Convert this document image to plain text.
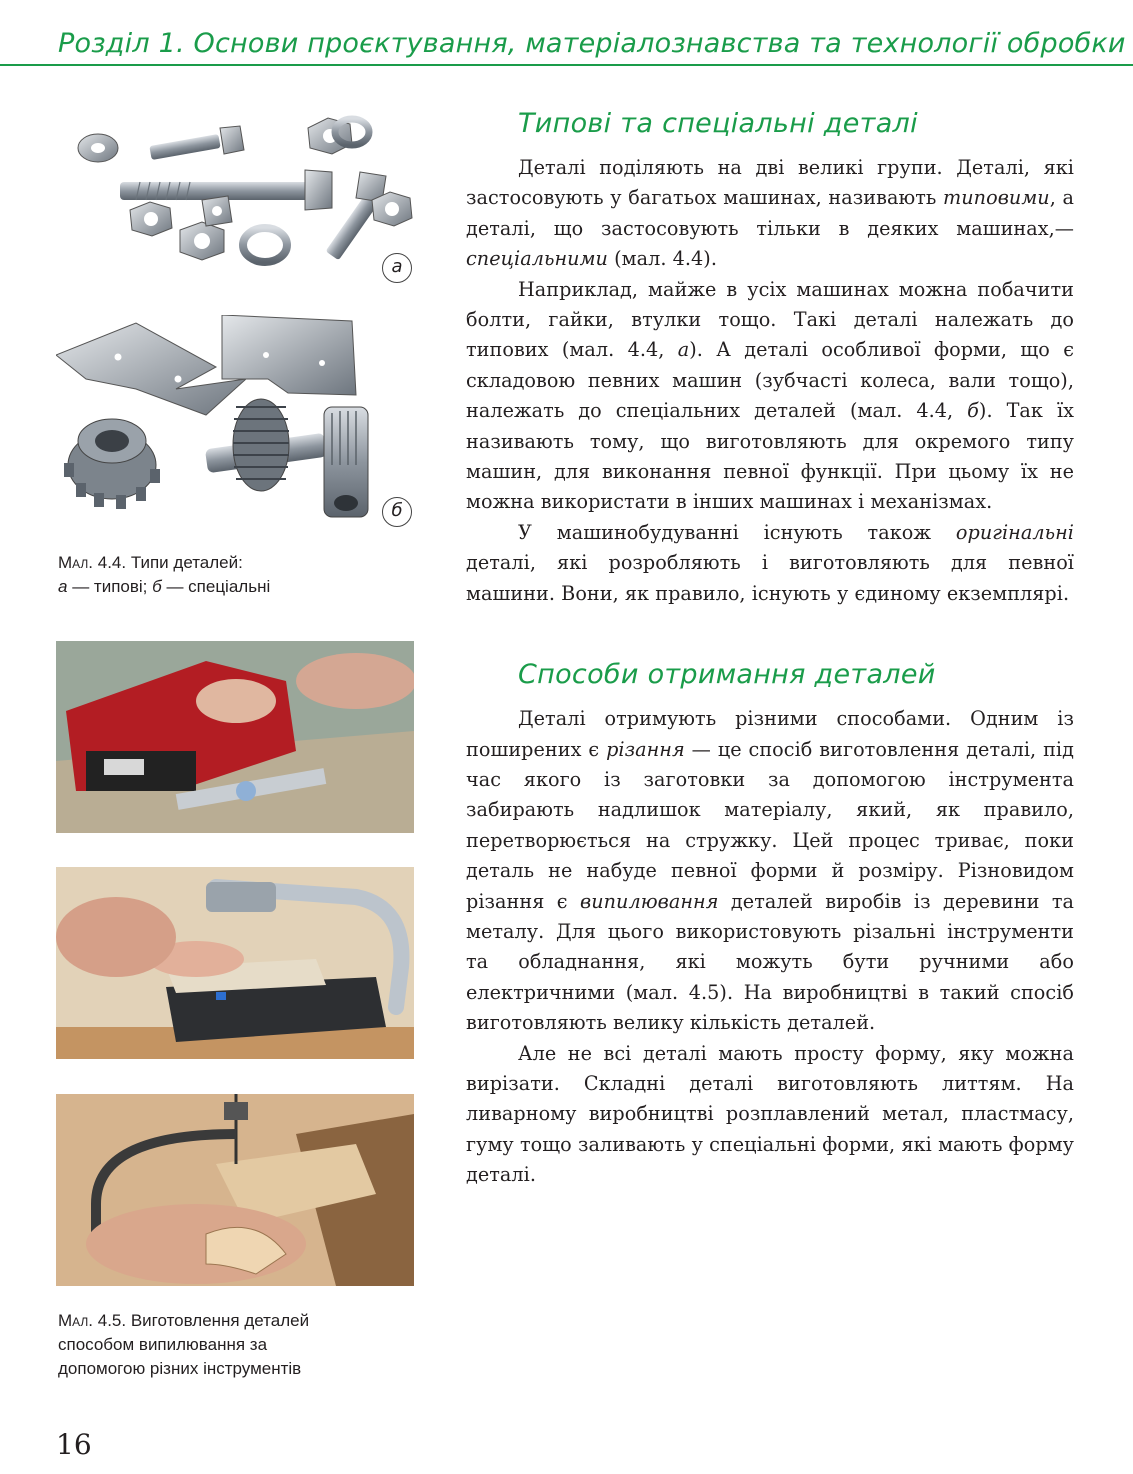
Розділ 1. Основи проєктування, матеріалознавства та технології обробки
а
б
Мал. 4.4. Типи деталей:
а — типові; б — спеціальні
Мал. 4.5. Виготовлення деталей
способом випилювання за
допомогою різних інструментів
Типові та спеціальні деталі

Деталі поділяють на дві великі групи. Деталі, які застосовують у багатьох машинах, називають типовими, а деталі, що застосовують тільки в деяких машинах,— спеціальними (мал. 4.4).

Наприклад, майже в усіх машинах можна побачити болти, гайки, втулки тощо. Такі деталі належать до типових (мал. 4.4, а). А деталі особливої форми, що є складовою певних машин (зубчасті колеса, вали тощо), належать до спеціальних деталей (мал. 4.4, б). Так їх називають тому, що виготовляють для окремого типу машин, для виконання певної функції. При цьому їх не можна використати в інших машинах і механізмах.

У машинобудуванні існують також оригінальні деталі, які розробляють і виготовляють для певної машини. Вони, як правило, існують у єдиному екземплярі.

Способи отримання деталей

Деталі отримують різними способами. Одним із поширених є різання — це спосіб виготовлення деталі, під час якого із заготовки за допомогою інструмента забирають надлишок матеріалу, який, як правило, перетворюється на стружку. Цей процес триває, поки деталь не набуде певної форми й розміру. Різновидом різання є випилювання деталей виробів із деревини та металу. Для цього використовують різальні інструменти та обладнання, які можуть бути ручними або електричними (мал. 4.5). На виробництві в такий спосіб виготовляють велику кількість деталей.

Але не всі деталі мають просту форму, яку можна вирізати. Складні деталі виготовляють литтям. На ливарному виробництві розплавлений метал, пластмасу, гуму тощо заливають у спеціальні форми, які мають форму деталі.

16
